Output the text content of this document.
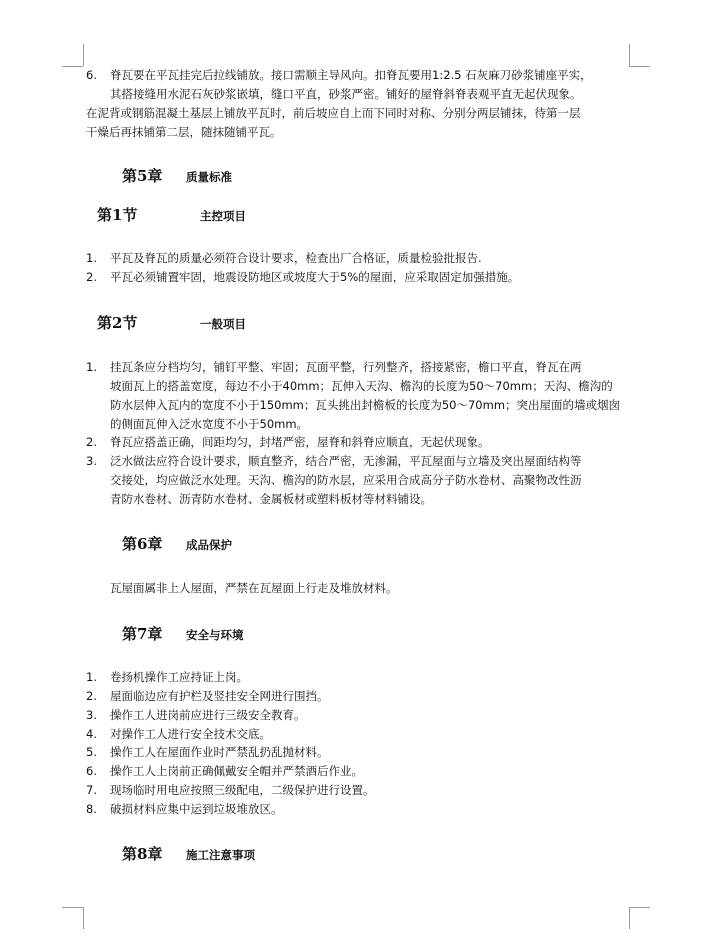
6. 脊瓦要在平瓦挂完后拉线铺放。接口需顺主导风向。扣脊瓦要用1:2.5 石灰麻刀砂浆铺座平实，
其搭接缝用水泥石灰砂浆嵌填，缝口平直，砂浆严密。铺好的屋脊斜脊表观平直无起伏现象。
在泥背或钢筋混凝土基层上铺放平瓦时，前后坡应自上而下同时对称、分别分两层铺抹，待第一层
干燥后再抹铺第二层，随抹随铺平瓦。
第5章 质量标准
第1节	主控项目
1. 平瓦及脊瓦的质量必须符合设计要求，检查出厂合格证，质量检验批报告.
2. 平瓦必须铺置牢固，地震设防地区或坡度大于5%的屋面，应采取固定加强措施。
第2节	一般项目
1. 挂瓦条应分档均匀，铺钉平整、牢固；瓦面平整，行列整齐，搭接紧密，檐口平直，脊瓦在两
坡面瓦上的搭盖宽度，每边不小于40mm；瓦伸入天沟、檐沟的长度为50～70mm；天沟、檐沟的
防水层伸入瓦内的宽度不小于150mm；瓦头挑出封檐板的长度为50～70mm；突出屋面的墙或烟囱
的侧面瓦伸入泛水宽度不小于50mm。
2. 脊瓦应搭盖正确，间距均匀，封堵严密，屋脊和斜脊应顺直，无起伏现象。
3. 泛水做法应符合设计要求，顺直整齐，结合严密，无渗漏，平瓦屋面与立墙及突出屋面结构等
交接处，均应做泛水处理。天沟、檐沟的防水层，应采用合成高分子防水卷材、高聚物改性沥
青防水卷材、沥青防水卷材、金属板材或塑料板材等材料铺设。
第6章 成品保护
瓦屋面属非上人屋面，严禁在瓦屋面上行走及堆放材料。
第7章 安全与环境
1. 卷扬机操作工应持证上岗。
2. 屋面临边应有护栏及竖挂安全网进行围挡。
3. 操作工人进岗前应进行三级安全教育。
4. 对操作工人进行安全技术交底。
5. 操作工人在屋面作业时严禁乱扔乱抛材料。
6. 操作工人上岗前正确佩戴安全帽并严禁酒后作业。
7. 现场临时用电应按照三级配电，二级保护进行设置。
8. 破损材料应集中运到垃圾堆放区。
第8章 施工注意事项
